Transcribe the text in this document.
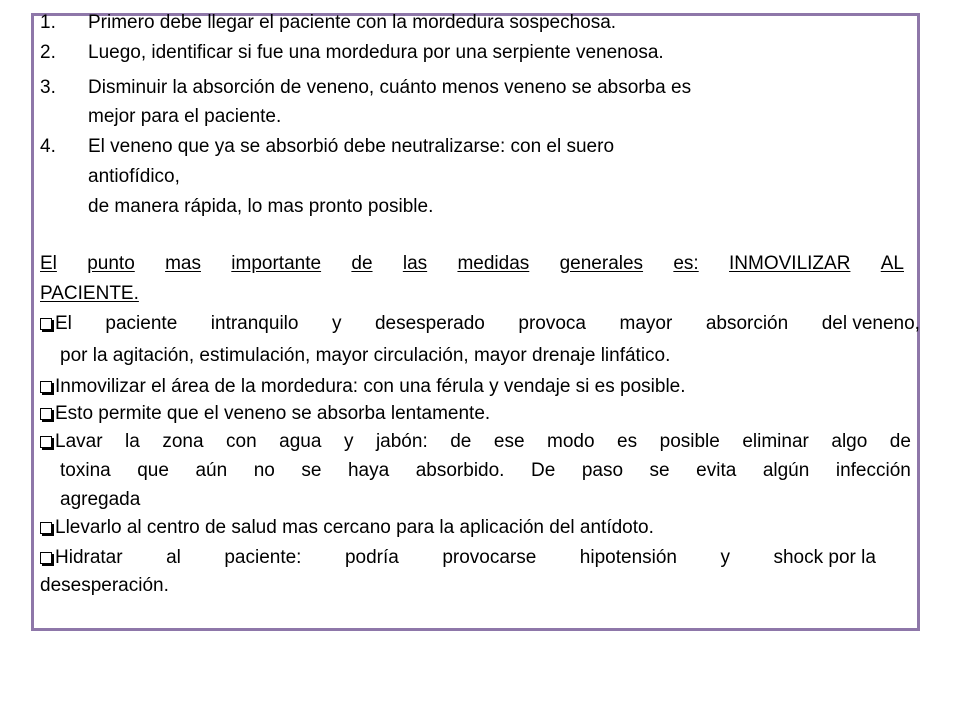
1. Primero debe llegar el paciente con la mordedura sospechosa.
2. Luego, identificar si fue una mordedura por una serpiente venenosa.
3. Disminuir la absorción de veneno, cuánto menos veneno se absorba es
mejor para el paciente.
4. El veneno que ya se absorbió debe neutralizarse: con el suero
antiofídico,
de manera rápida, lo mas pronto posible.
El punto mas importante de las medidas generales es: INMOVILIZAR AL
PACIENTE.
El paciente intranquilo y desesperado provoca mayor absorción del veneno,
por la agitación, estimulación, mayor circulación, mayor drenaje linfático.
Inmovilizar el área de la mordedura: con una férula y vendaje si es posible.
Esto permite que el veneno se absorba lentamente.
Lavar la zona con agua y jabón: de ese modo es posible eliminar algo de
toxina que aún no se haya absorbido. De paso se evita algún infección
agregada
Llevarlo al centro de salud mas cercano para la aplicación del antídoto.
Hidratar al paciente: podría provocarse hipotensión y shock por la
desesperación.
